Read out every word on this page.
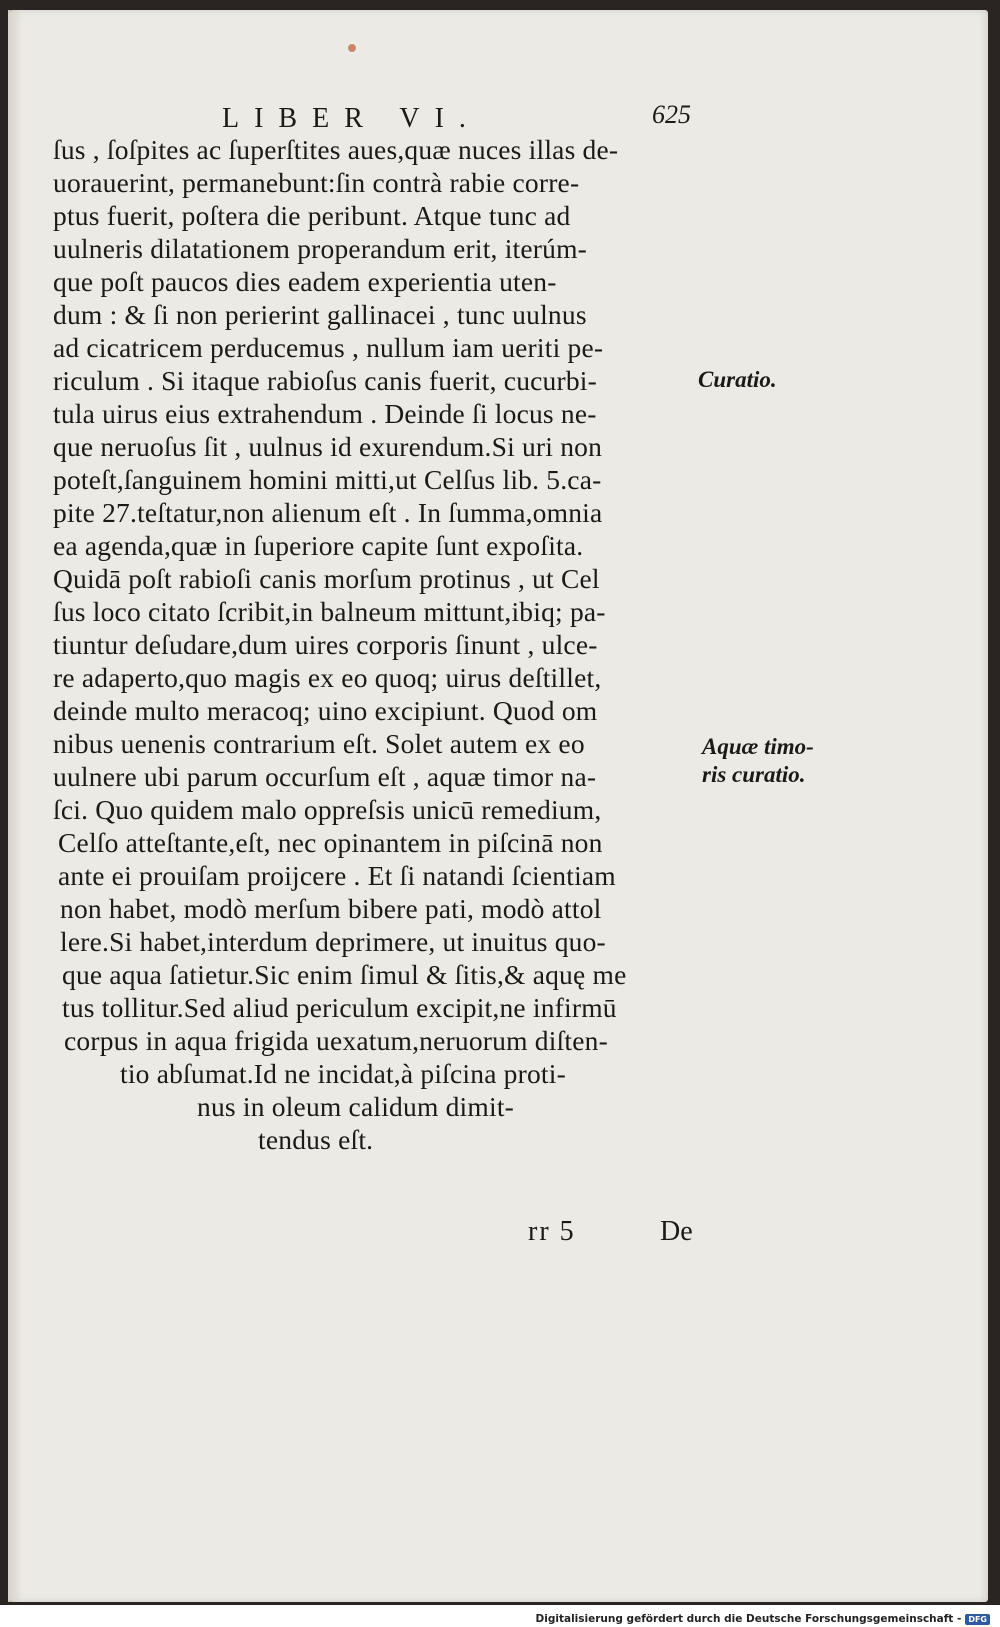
LIBER VI.	625
ſus , ſoſpites ac ſuperſtites aues,quæ nuces illas de-
uorauerint, permanebunt:ſin contrà rabie corre-
ptus fuerit, poſtera die peribunt. Atque tunc ad
uulneris dilatationem properandum erit, iterúm-
que poſt paucos dies eadem experientia uten-
dum : & ſi non perierint gallinacei , tunc uulnus
ad cicatricem perducemus , nullum iam ueriti pe-
riculum . Si itaque rabioſus canis fuerit, cucurbi-
tula uirus eius extrahendum . Deinde ſi locus ne-
que neruoſus ſit , uulnus id exurendum.Si uri non
poteſt,ſanguinem homini mitti,ut Celſus lib. 5.ca-
pite 27.teſtatur,non alienum eſt . In ſumma,omnia
ea agenda,quæ in ſuperiore capite ſunt expoſita.
Quidā poſt rabioſi canis morſum protinus , ut Cel
ſus loco citato ſcribit,in balneum mittunt,ibiq; pa-
tiuntur deſudare,dum uires corporis ſinunt , ulce-
re adaperto,quo magis ex eo quoq; uirus deſtillet,
deinde multo meracoq; uino excipiunt. Quod om
nibus uenenis contrarium eſt. Solet autem ex eo
uulnere ubi parum occurſum eſt , aquæ timor na-
ſci. Quo quidem malo oppreſsis unicū remedium,
Celſo atteſtante,eſt, nec opinantem in piſcinā non
ante ei prouiſam proijcere . Et ſi natandi ſcientiam
non habet, modò merſum bibere pati, modò attol
lere.Si habet,interdum deprimere, ut inuitus quo-
que aqua ſatietur.Sic enim ſimul & ſitis,& aquę me
tus tollitur.Sed aliud periculum excipit,ne infirmū
corpus in aqua frigida uexatum,neruorum diſten-
tio abſumat.Id ne incidat,à piſcina proti-
nus in oleum calidum dimit-
tendus eſt.
Curatio.
Aquæ timo-
ris curatio.
rr 5	De
Digitalisierung gefördert durch die Deutsche Forschungsgemeinschaft - DFG
